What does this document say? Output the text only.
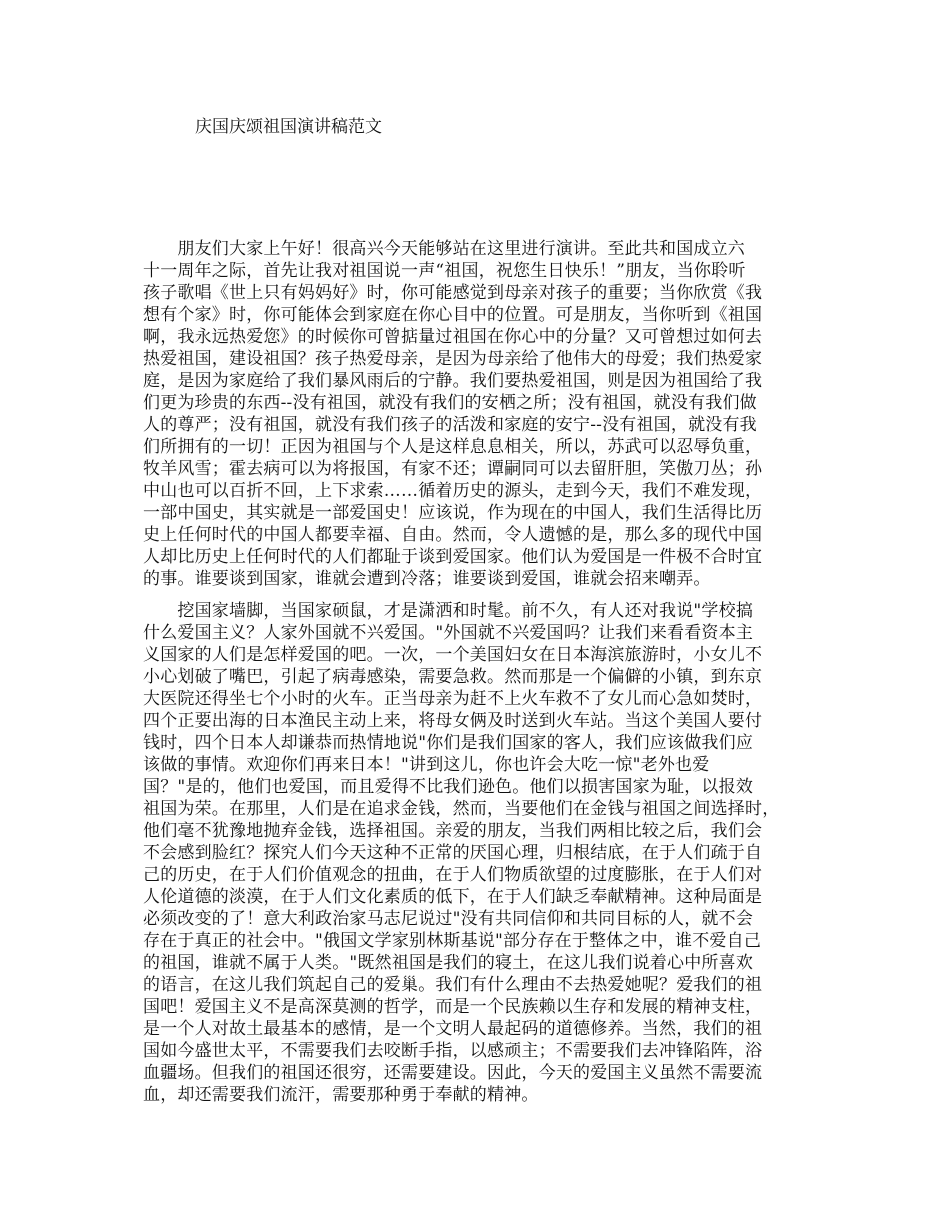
庆国庆颂祖国演讲稿范文
　　朋友们大家上午好！很高兴今天能够站在这里进行演讲。至此共和国成立六
十一周年之际，首先让我对祖国说一声“祖国，祝您生日快乐！”朋友，当你聆听
孩子歌唱《世上只有妈妈好》时，你可能感觉到母亲对孩子的重要；当你欣赏《我
想有个家》时，你可能体会到家庭在你心目中的位置。可是朋友，当你听到《祖国
啊，我永远热爱您》的时候你可曾掂量过祖国在你心中的分量？又可曾想过如何去
热爱祖国，建设祖国？孩子热爱母亲，是因为母亲给了他伟大的母爱；我们热爱家
庭，是因为家庭给了我们暴风雨后的宁静。我们要热爱祖国，则是因为祖国给了我
们更为珍贵的东西--没有祖国，就没有我们的安栖之所；没有祖国，就没有我们做
人的尊严；没有祖国，就没有我们孩子的活泼和家庭的安宁--没有祖国，就没有我
们所拥有的一切！正因为祖国与个人是这样息息相关，所以，苏武可以忍辱负重，
牧羊风雪；霍去病可以为将报国，有家不还；谭嗣同可以去留肝胆，笑傲刀丛；孙
中山也可以百折不回，上下求索……循着历史的源头，走到今天，我们不难发现，
一部中国史，其实就是一部爱国史！应该说，作为现在的中国人，我们生活得比历
史上任何时代的中国人都要幸福、自由。然而，令人遗憾的是，那么多的现代中国
人却比历史上任何时代的人们都耻于谈到爱国家。他们认为爱国是一件极不合时宜
的事。谁要谈到国家，谁就会遭到冷落；谁要谈到爱国，谁就会招来嘲弄。
　　挖国家墙脚，当国家硕鼠，才是潇洒和时髦。前不久，有人还对我说"学校搞
什么爱国主义？人家外国就不兴爱国。"外国就不兴爱国吗？让我们来看看资本主
义国家的人们是怎样爱国的吧。一次，一个美国妇女在日本海滨旅游时，小女儿不
小心划破了嘴巴，引起了病毒感染，需要急救。然而那是一个偏僻的小镇，到东京
大医院还得坐七个小时的火车。正当母亲为赶不上火车救不了女儿而心急如焚时，
四个正要出海的日本渔民主动上来，将母女俩及时送到火车站。当这个美国人要付
钱时，四个日本人却谦恭而热情地说"你们是我们国家的客人，我们应该做我们应
该做的事情。欢迎你们再来日本！"讲到这儿，你也许会大吃一惊"老外也爱
国？"是的，他们也爱国，而且爱得不比我们逊色。他们以损害国家为耻，以报效
祖国为荣。在那里，人们是在追求金钱，然而，当要他们在金钱与祖国之间选择时，
他们毫不犹豫地抛弃金钱，选择祖国。亲爱的朋友，当我们两相比较之后，我们会
不会感到脸红？探究人们今天这种不正常的厌国心理，归根结底，在于人们疏于自
己的历史，在于人们价值观念的扭曲，在于人们物质欲望的过度膨胀，在于人们对
人伦道德的淡漠，在于人们文化素质的低下，在于人们缺乏奉献精神。这种局面是
必须改变的了！意大利政治家马志尼说过"没有共同信仰和共同目标的人，就不会
存在于真正的社会中。"俄国文学家别林斯基说"部分存在于整体之中，谁不爱自己
的祖国，谁就不属于人类。"既然祖国是我们的寝土，在这儿我们说着心中所喜欢
的语言，在这儿我们筑起自己的爱巢。我们有什么理由不去热爱她呢？爱我们的祖
国吧！爱国主义不是高深莫测的哲学，而是一个民族赖以生存和发展的精神支柱，
是一个人对故土最基本的感情，是一个文明人最起码的道德修养。当然，我们的祖
国如今盛世太平，不需要我们去咬断手指，以感顽主；不需要我们去冲锋陷阵，浴
血疆场。但我们的祖国还很穷，还需要建设。因此，今天的爱国主义虽然不需要流
血，却还需要我们流汗，需要那种勇于奉献的精神。
